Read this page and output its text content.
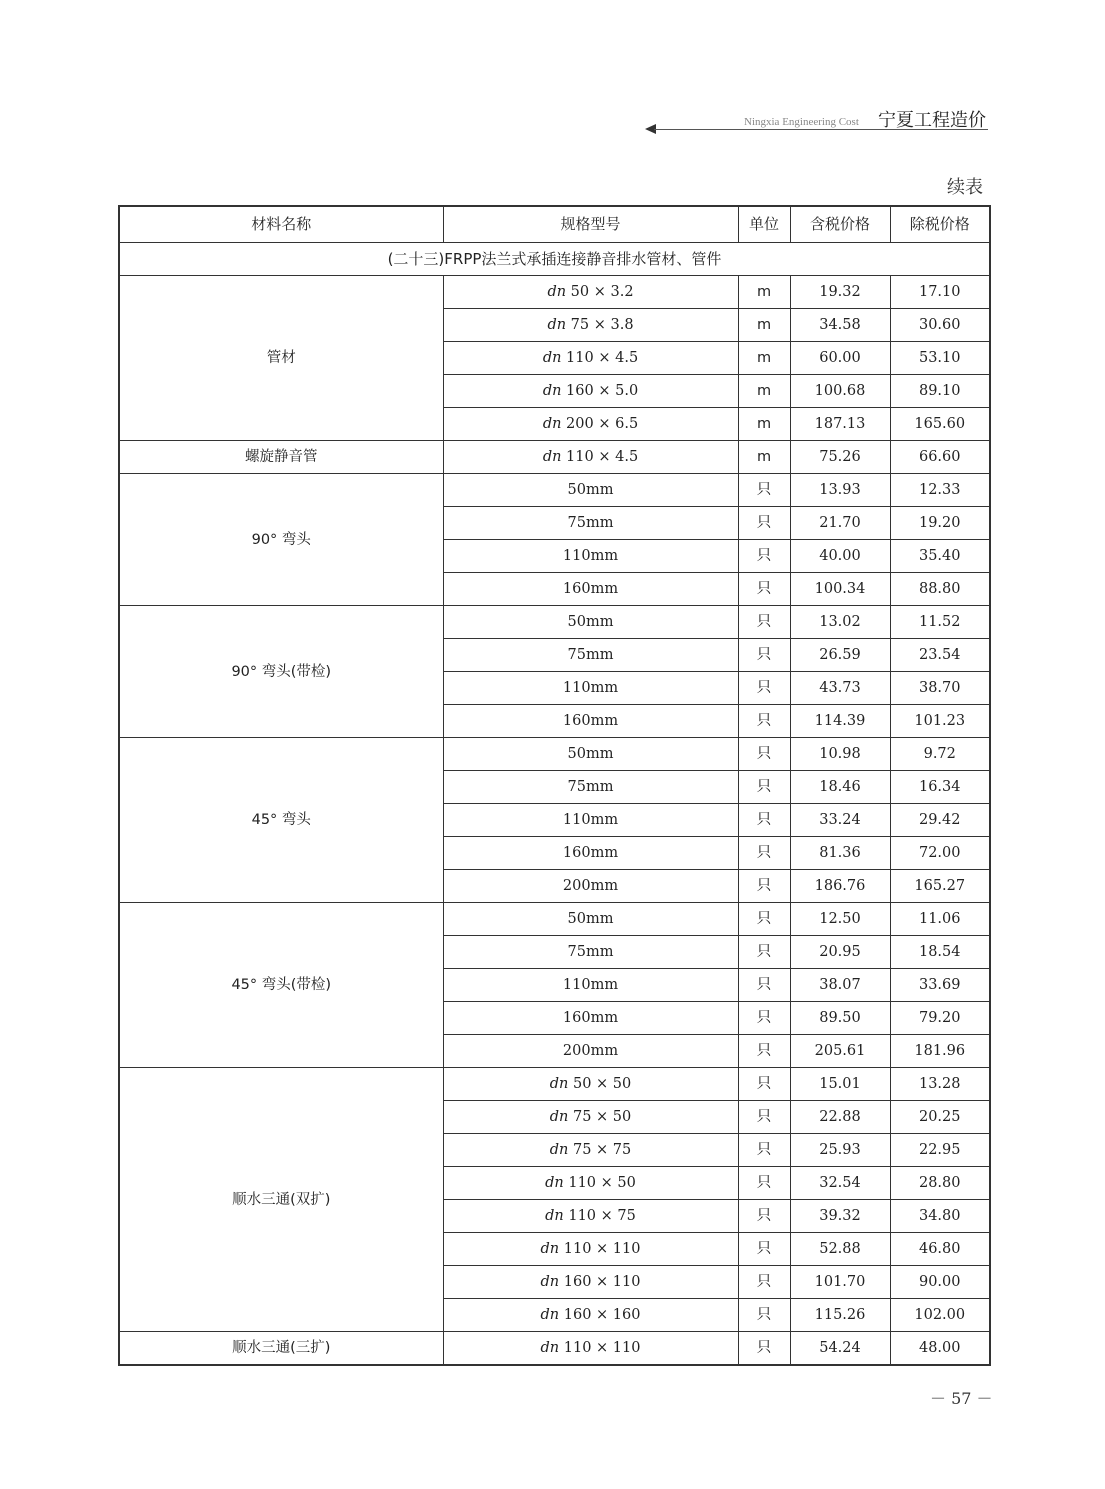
Ningxia Engineering Cost 宁夏工程造价
续表
材料名称	规格型号	单位	含税价格	除税价格
(二十三)FRPP法兰式承插连接静音排水管材、管件				
管材	dn 50 × 3.2	m	19.32	17.10
	dn 75 × 3.8	m	34.58	30.60
	dn 110 × 4.5	m	60.00	53.10
	dn 160 × 5.0	m	100.68	89.10
	dn 200 × 6.5	m	187.13	165.60
螺旋静音管	dn 110 × 4.5	m	75.26	66.60
90° 弯头	50mm	只	13.93	12.33
	75mm	只	21.70	19.20
	110mm	只	40.00	35.40
	160mm	只	100.34	88.80
90° 弯头(带检)	50mm	只	13.02	11.52
	75mm	只	26.59	23.54
	110mm	只	43.73	38.70
	160mm	只	114.39	101.23
45° 弯头	50mm	只	10.98	9.72
	75mm	只	18.46	16.34
	110mm	只	33.24	29.42
	160mm	只	81.36	72.00
	200mm	只	186.76	165.27
45° 弯头(带检)	50mm	只	12.50	11.06
	75mm	只	20.95	18.54
	110mm	只	38.07	33.69
	160mm	只	89.50	79.20
	200mm	只	205.61	181.96
顺水三通(双扩)	dn 50 × 50	只	15.01	13.28
	dn 75 × 50	只	22.88	20.25
	dn 75 × 75	只	25.93	22.95
	dn 110 × 50	只	32.54	28.80
	dn 110 × 75	只	39.32	34.80
	dn 110 × 110	只	52.88	46.80
	dn 160 × 110	只	101.70	90.00
	dn 160 × 160	只	115.26	102.00
顺水三通(三扩)	dn 110 × 110	只	54.24	48.00
－ 57 －
